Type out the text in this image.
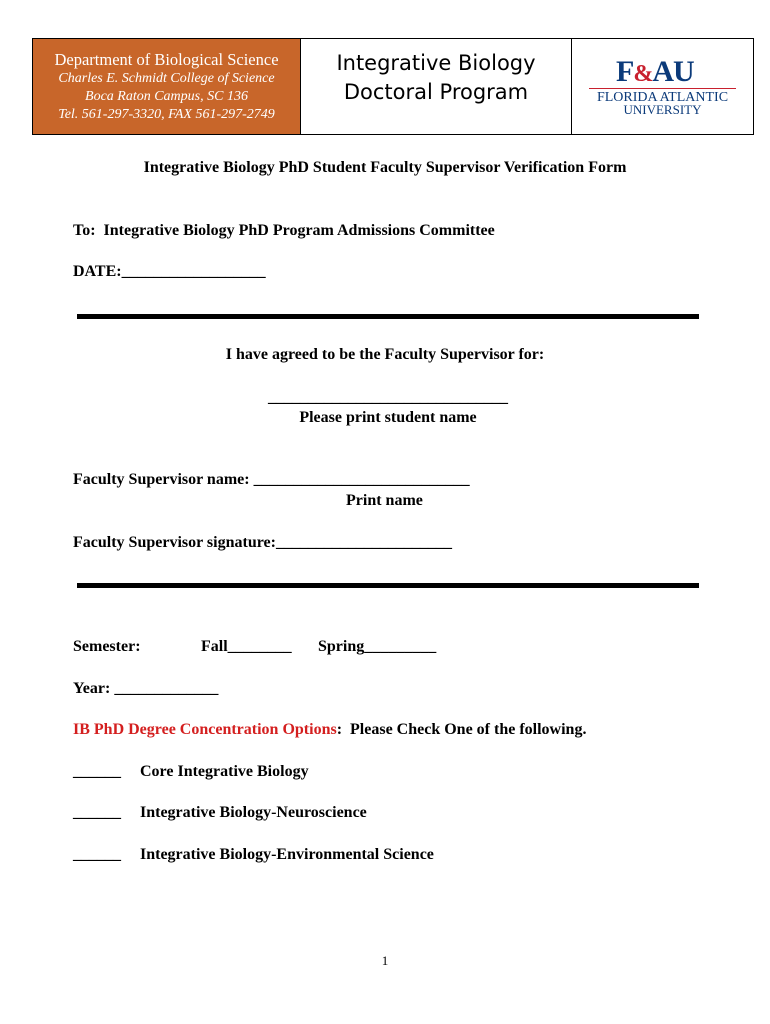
Department of Biological Science
Charles E. Schmidt College of Science
Boca Raton Campus, SC 136
Tel. 561-297-3320, FAX 561-297-2749
Integrative Biology
Doctoral Program
F&AU
FLORIDA ATLANTIC
UNIVERSITY
Integrative Biology PhD Student Faculty Supervisor Verification Form
To:  Integrative Biology PhD Program Admissions Committee
DATE:__________________
I have agreed to be the Faculty Supervisor for:
______________________________
Please print student name
Faculty Supervisor name: ___________________________
Print name
Faculty Supervisor signature:______________________
Semester:	Fall________ Spring_________
Year: _____________
IB PhD Degree Concentration Options:  Please Check One of the following.
______ Core Integrative Biology
______ Integrative Biology-Neuroscience
______ Integrative Biology-Environmental Science
1
